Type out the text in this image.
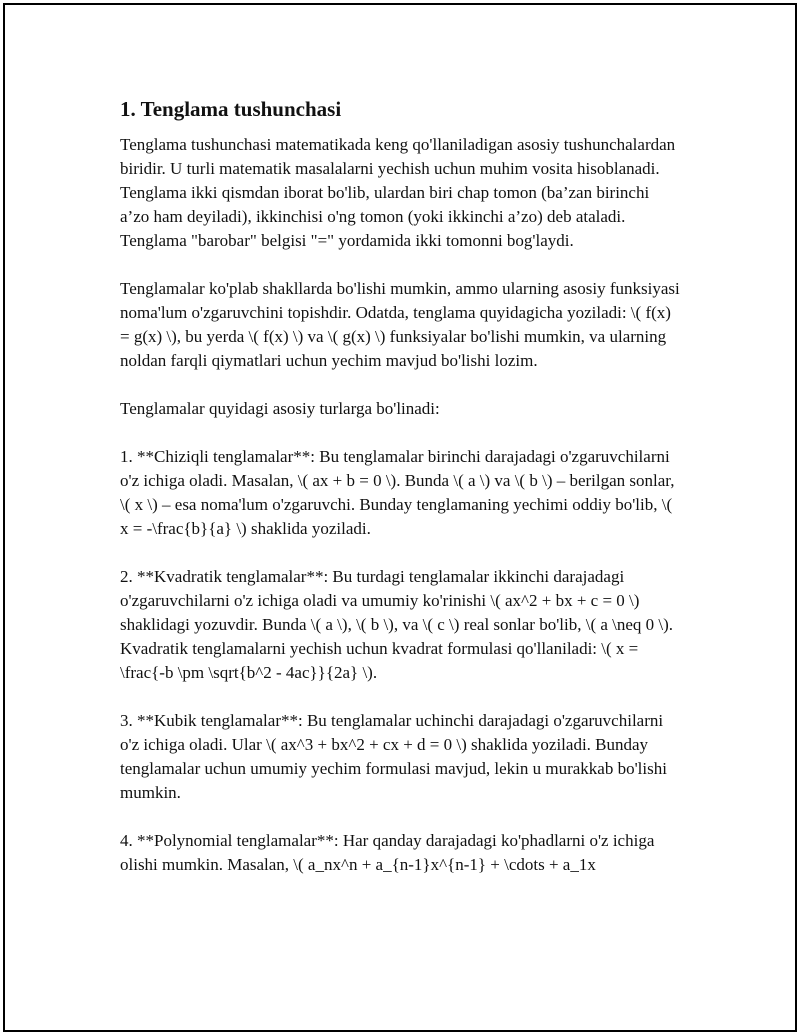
1. Tenglama tushunchasi

Tenglama tushunchasi matematikada keng qo'llaniladigan asosiy tushunchalardan biridir. U turli matematik masalalarni yechish uchun muhim vosita hisoblanadi. Tenglama ikki qismdan iborat bo'lib, ulardan biri chap tomon (ba’zan birinchi a’zo ham deyiladi), ikkinchisi o'ng tomon (yoki ikkinchi a’zo) deb ataladi. Tenglama "barobar" belgisi "=" yordamida ikki tomonni bog'laydi.

Tenglamalar ko'plab shakllarda bo'lishi mumkin, ammo ularning asosiy funksiyasi noma'lum o'zgaruvchini topishdir. Odatda, tenglama quyidagicha yoziladi: \( f(x) = g(x) \), bu yerda \( f(x) \) va \( g(x) \) funksiyalar bo'lishi mumkin, va ularning noldan farqli qiymatlari uchun yechim mavjud bo'lishi lozim.

Tenglamalar quyidagi asosiy turlarga bo'linadi:

1. **Chiziqli tenglamalar**: Bu tenglamalar birinchi darajadagi o'zgaruvchilarni o'z ichiga oladi. Masalan, \( ax + b = 0 \). Bunda \( a \) va \( b \) – berilgan sonlar, \( x \) – esa noma'lum o'zgaruvchi. Bunday tenglamaning yechimi oddiy bo'lib, \( x = -\frac{b}{a} \) shaklida yoziladi.

2. **Kvadratik tenglamalar**: Bu turdagi tenglamalar ikkinchi darajadagi o'zgaruvchilarni o'z ichiga oladi va umumiy ko'rinishi \( ax^2 + bx + c = 0 \) shaklidagi yozuvdir. Bunda \( a \), \( b \), va \( c \) real sonlar bo'lib, \( a \neq 0 \). Kvadratik tenglamalarni yechish uchun kvadrat formulasi qo'llaniladi: \( x = \frac{-b \pm \sqrt{b^2 - 4ac}}{2a} \).

3. **Kubik tenglamalar**: Bu tenglamalar uchinchi darajadagi o'zgaruvchilarni o'z ichiga oladi. Ular \( ax^3 + bx^2 + cx + d = 0 \) shaklida yoziladi. Bunday tenglamalar uchun umumiy yechim formulasi mavjud, lekin u murakkab bo'lishi mumkin.

4. **Polynomial tenglamalar**: Har qanday darajadagi ko'phadlarni o'z ichiga olishi mumkin. Masalan, \( a_nx^n + a_{n-1}x^{n-1} + \cdots + a_1x
